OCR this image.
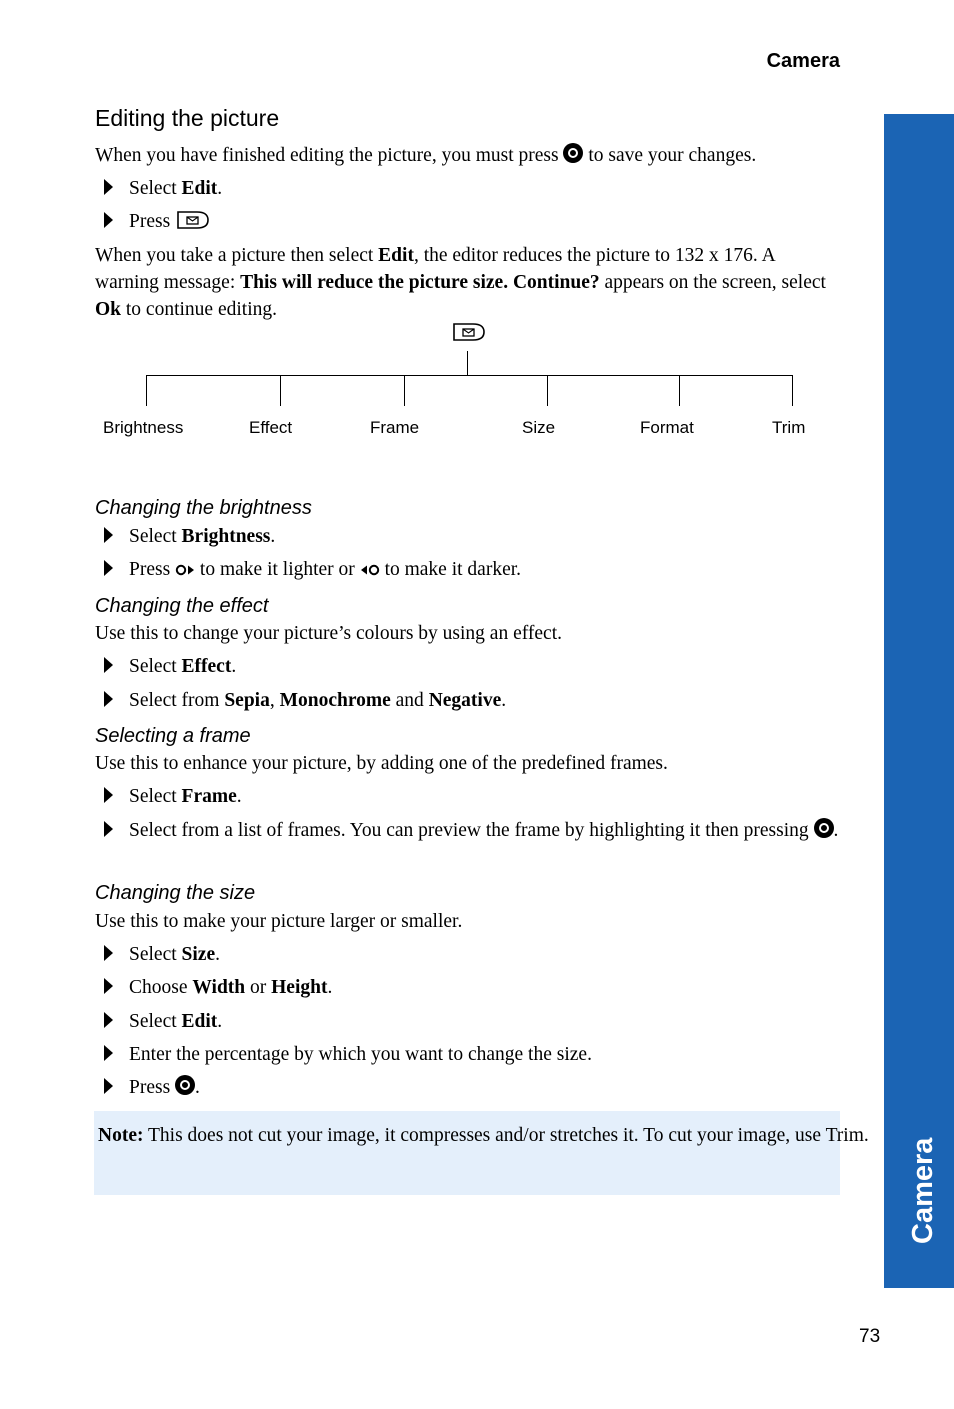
Camera
Camera
Editing the picture

When you have finished editing the picture, you must press to save your changes.

Select Edit.
Press

When you take a picture then select Edit, the editor reduces the picture to 132 x 176. A warning message: This will reduce the picture size. Continue? appears on the screen, select Ok to continue editing.

Brightness	Effect	Frame	Size	Format	Trim
Changing the brightness
Select Brightness.
Press to make it lighter or to make it darker.
Changing the effect

Use this to change your picture’s colours by using an effect.

Select Effect.
Select from Sepia, Monochrome and Negative.
Selecting a frame

Use this to enhance your picture, by adding one of the predefined frames.

Select Frame.
Select from a list of frames. You can preview the frame by highlighting it then pressing .
Changing the size

Use this to make your picture larger or smaller.

Select Size.
Choose Width or Height.
Select Edit.
Enter the percentage by which you want to change the size.
Press .
Note: This does not cut your image, it compresses and/or stretches it. To cut your image, use Trim.
73
